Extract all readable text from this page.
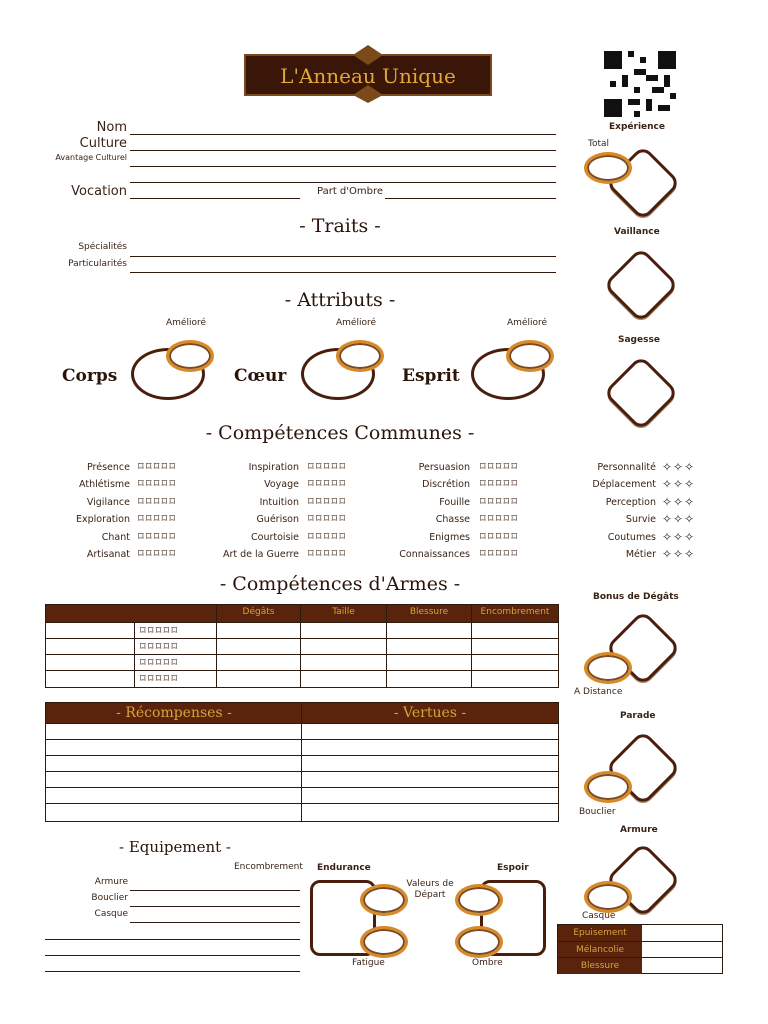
L'Anneau Unique
Nom
Culture
Avantage Culturel
Vocation	Part d'Ombre
- Traits -
Spécialités
Particularités
- Attributs -
Amélioré
Corps
Amélioré
Cœur
Amélioré
Esprit
- Compétences Communes -
Présence ⌑⌑⌑⌑⌑
Athlétisme ⌑⌑⌑⌑⌑
Vigilance ⌑⌑⌑⌑⌑
Exploration ⌑⌑⌑⌑⌑
Chant ⌑⌑⌑⌑⌑
Artisanat ⌑⌑⌑⌑⌑
Inspiration ⌑⌑⌑⌑⌑
Voyage ⌑⌑⌑⌑⌑
Intuition ⌑⌑⌑⌑⌑
Guérison ⌑⌑⌑⌑⌑
Courtoisie ⌑⌑⌑⌑⌑
Art de la Guerre ⌑⌑⌑⌑⌑
Persuasion ⌑⌑⌑⌑⌑
Discrétion ⌑⌑⌑⌑⌑
Fouille ⌑⌑⌑⌑⌑
Chasse ⌑⌑⌑⌑⌑
Enigmes ⌑⌑⌑⌑⌑
Connaissances ⌑⌑⌑⌑⌑
Personnalité ✧✧✧
Déplacement ✧✧✧
Perception ✧✧✧
Survie ✧✧✧
Coutumes ✧✧✧
Métier ✧✧✧
- Compétences d'Armes -
Dégâts	Taille	Blessure	Encombrement
⌑⌑⌑⌑⌑
⌑⌑⌑⌑⌑
⌑⌑⌑⌑⌑
⌑⌑⌑⌑⌑
- Récompenses -	- Vertues -
- Equipement -
Encombrement
Armure
Bouclier
Casque
Endurance	Espoir
Valeurs de Départ
Fatigue	Ombre
Expérience
Total
Vaillance
Sagesse
Bonus de Dégâts
A Distance
Parade
Bouclier
Armure
Casque
Epuisement
Mélancolie
Blessure
